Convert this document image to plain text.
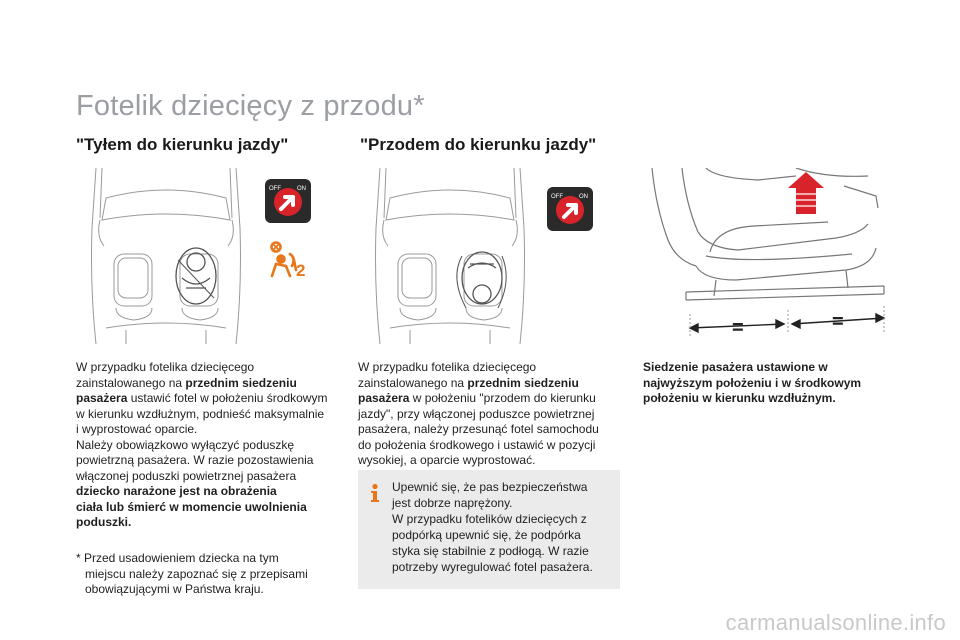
Fotelik dziecięcy z przodu*
"Tyłem do kierunku jazdy"	"Przodem do kierunku jazdy"
OFF	ON
2
OFF	ON
=	=
W przypadku fotelika dziecięcego
zainstalowanego na przednim siedzeniu
pasażera ustawić fotel w położeniu środkowym
w kierunku wzdłużnym, podnieść maksymalnie
i wyprostować oparcie.
Należy obowiązkowo wyłączyć poduszkę
powietrzną pasażera. W razie pozostawienia
włączonej poduszki powietrznej pasażera
dziecko narażone jest na obrażenia
ciała lub śmierć w momencie uwolnienia
poduszki.
W przypadku fotelika dziecięcego
zainstalowanego na przednim siedzeniu
pasażera w położeniu "przodem do kierunku
jazdy", przy włączonej poduszce powietrznej
pasażera, należy przesunąć fotel samochodu
do położenia środkowego i ustawić w pozycji
wysokiej, a oparcie wyprostować.
Siedzenie pasażera ustawione w
najwyższym położeniu i w środkowym
położeniu w kierunku wzdłużnym.
Upewnić się, że pas bezpieczeństwa
jest dobrze naprężony.
W przypadku fotelików dziecięcych z
podpórką upewnić się, że podpórka
styka się stabilnie z podłogą. W razie
potrzeby wyregulować fotel pasażera.
* Przed usadowieniem dziecka na tym
miejscu należy zapoznać się z przepisami
obowiązującymi w Państwa kraju.
carmanualsonline.info
